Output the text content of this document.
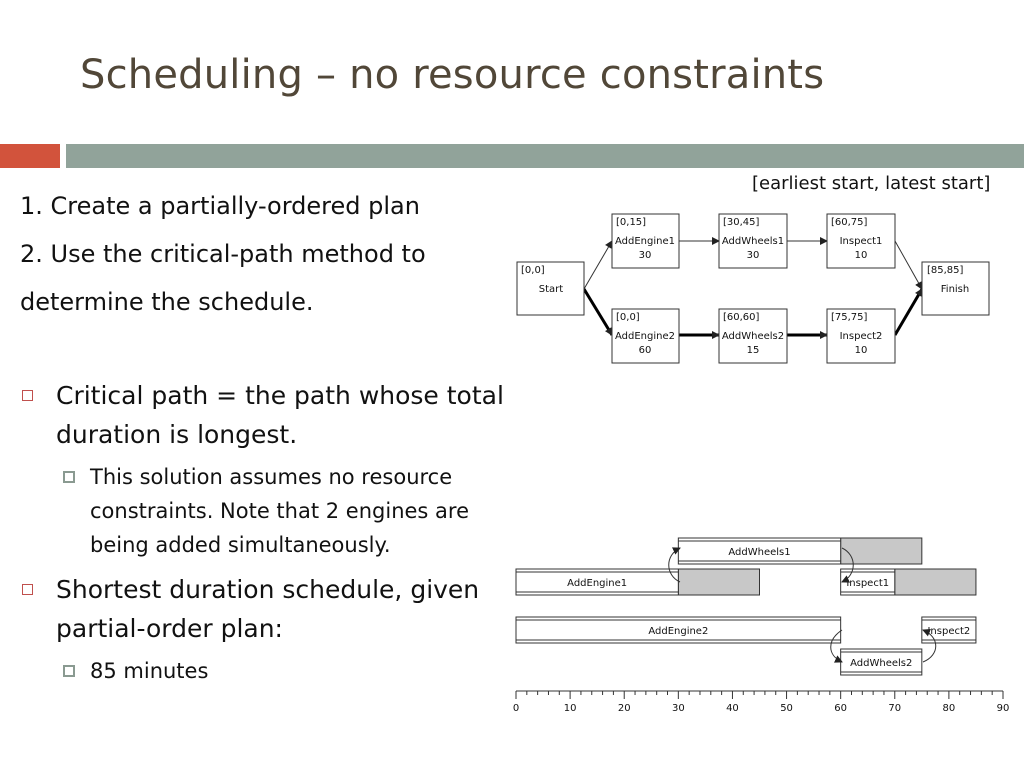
Scheduling – no resource constraints
1. Create a partially-ordered plan
2. Use the critical-path method to
determine the schedule.
Critical path = the path whose total duration is longest.
This solution assumes no resource constraints. Note that 2 engines are being added simultaneously.
Shortest duration schedule, given partial-order plan:
85 minutes
[earliest start, latest start]
[0,0]
Start
[0,15]
AddEngine1
30
[30,45]
AddWheels1
30
[60,75]
Inspect1
10
[0,0]
AddEngine2
60
[60,60]
AddWheels2
15
[75,75]
Inspect2
10
[85,85]
Finish
AddWheels1
AddEngine1	Inspect1
AddEngine2	Inspect2
AddWheels2
0	10	20	30	40	50	60	70	80	90
